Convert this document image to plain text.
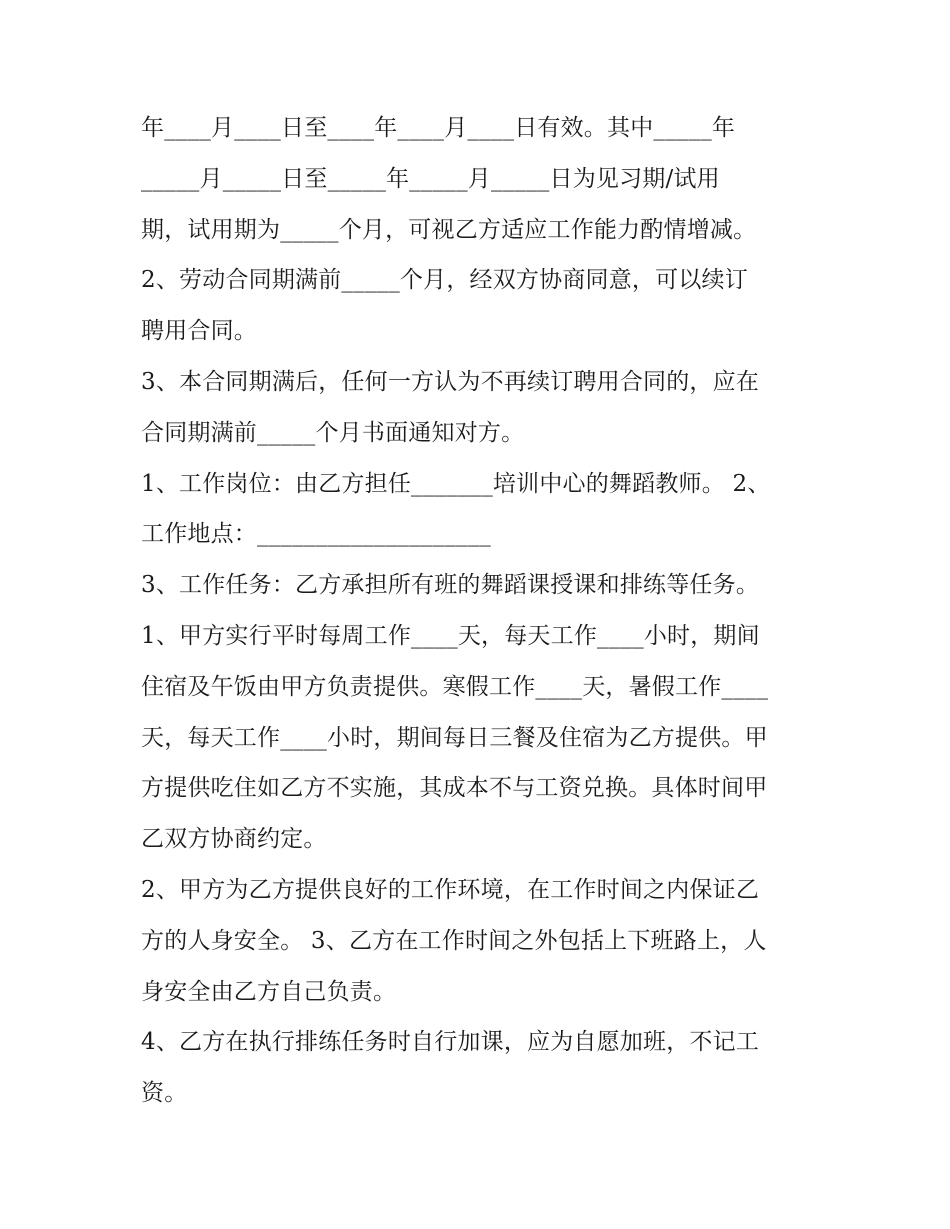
年____月____日至____年____月____日有效。其中_____年
_____月_____日至_____年_____月_____日为见习期/试用
期，试用期为_____个月，可视乙方适应工作能力酌情增减。
2、劳动合同期满前_____个月，经双方协商同意，可以续订
聘用合同。
3、本合同期满后，任何一方认为不再续订聘用合同的，应在
合同期满前_____个月书面通知对方。
1、工作岗位：由乙方担任_______培训中心的舞蹈教师。 2、
工作地点：____________________
3、工作任务：乙方承担所有班的舞蹈课授课和排练等任务。
1、甲方实行平时每周工作____天，每天工作____小时，期间
住宿及午饭由甲方负责提供。寒假工作____天，暑假工作____
天，每天工作____小时，期间每日三餐及住宿为乙方提供。甲
方提供吃住如乙方不实施，其成本不与工资兑换。具体时间甲
乙双方协商约定。
2、甲方为乙方提供良好的工作环境，在工作时间之内保证乙
方的人身安全。 3、乙方在工作时间之外包括上下班路上，人
身安全由乙方自己负责。
4、乙方在执行排练任务时自行加课，应为自愿加班，不记工
资。
